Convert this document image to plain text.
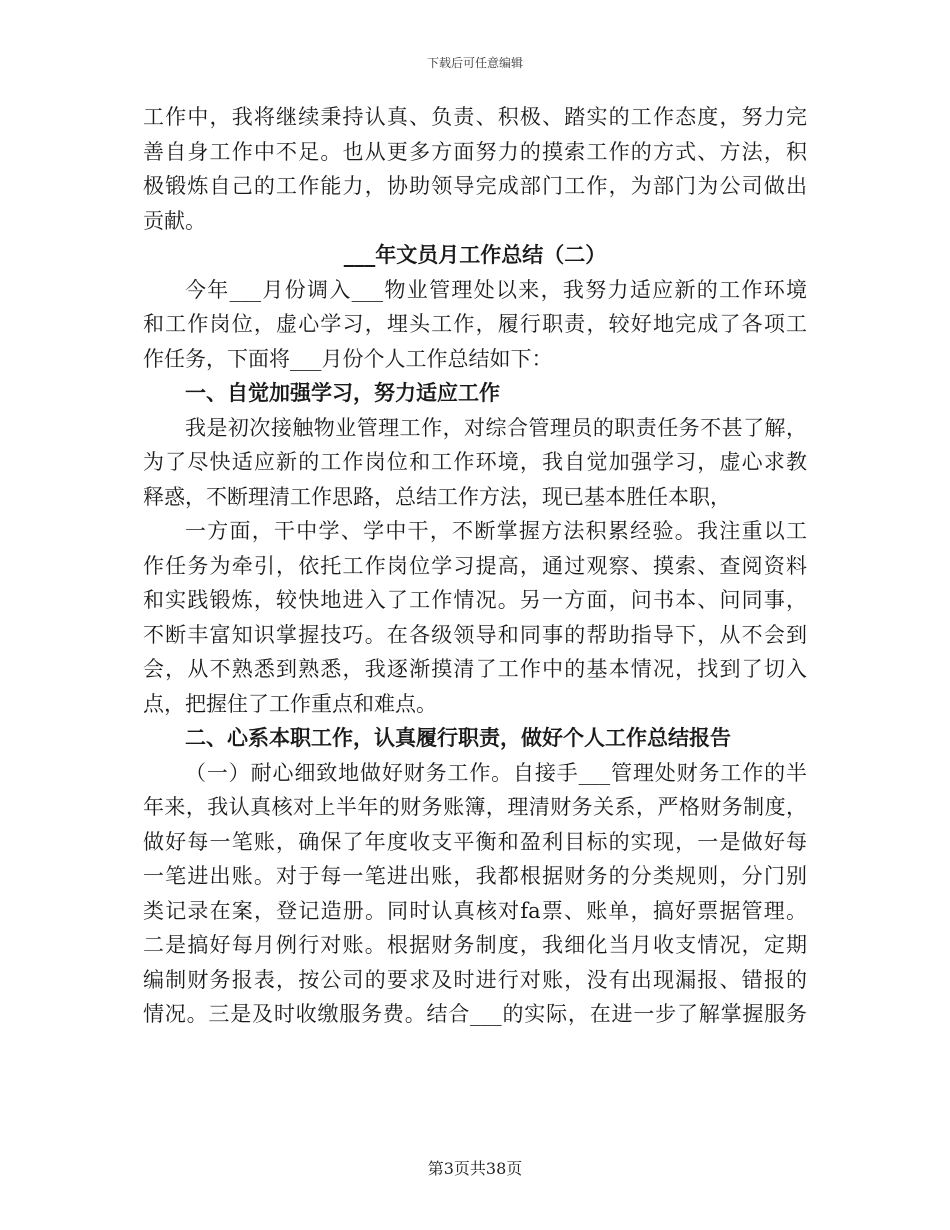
下载后可任意编辑
工作中，我将继续秉持认真、负责、积极、踏实的工作态度，努力完
善自身工作中不足。也从更多方面努力的摸索工作的方式、方法，积
极锻炼自己的工作能力，协助领导完成部门工作，为部门为公司做出
贡献。
___年文员月工作总结（二）
今年___月份调入___物业管理处以来，我努力适应新的工作环境
和工作岗位，虚心学习，埋头工作，履行职责，较好地完成了各项工
作任务，下面将___月份个人工作总结如下：
一、自觉加强学习，努力适应工作
我是初次接触物业管理工作，对综合管理员的职责任务不甚了解，
为了尽快适应新的工作岗位和工作环境，我自觉加强学习，虚心求教
释惑，不断理清工作思路，总结工作方法，现已基本胜任本职，
一方面，干中学、学中干，不断掌握方法积累经验。我注重以工
作任务为牵引，依托工作岗位学习提高，通过观察、摸索、查阅资料
和实践锻炼，较快地进入了工作情况。另一方面，问书本、问同事，
不断丰富知识掌握技巧。在各级领导和同事的帮助指导下，从不会到
会，从不熟悉到熟悉，我逐渐摸清了工作中的基本情况，找到了切入
点，把握住了工作重点和难点。
二、心系本职工作，认真履行职责，做好个人工作总结报告
（一）耐心细致地做好财务工作。自接手___管理处财务工作的半
年来，我认真核对上半年的财务账簿，理清财务关系，严格财务制度，
做好每一笔账，确保了年度收支平衡和盈利目标的实现，一是做好每
一笔进出账。对于每一笔进出账，我都根据财务的分类规则，分门别
类记录在案，登记造册。同时认真核对fa票、账单，搞好票据管理。
二是搞好每月例行对账。根据财务制度，我细化当月收支情况，定期
编制财务报表，按公司的要求及时进行对账，没有出现漏报、错报的
情况。三是及时收缴服务费。结合___的实际，在进一步了解掌握服务
第3页共38页
